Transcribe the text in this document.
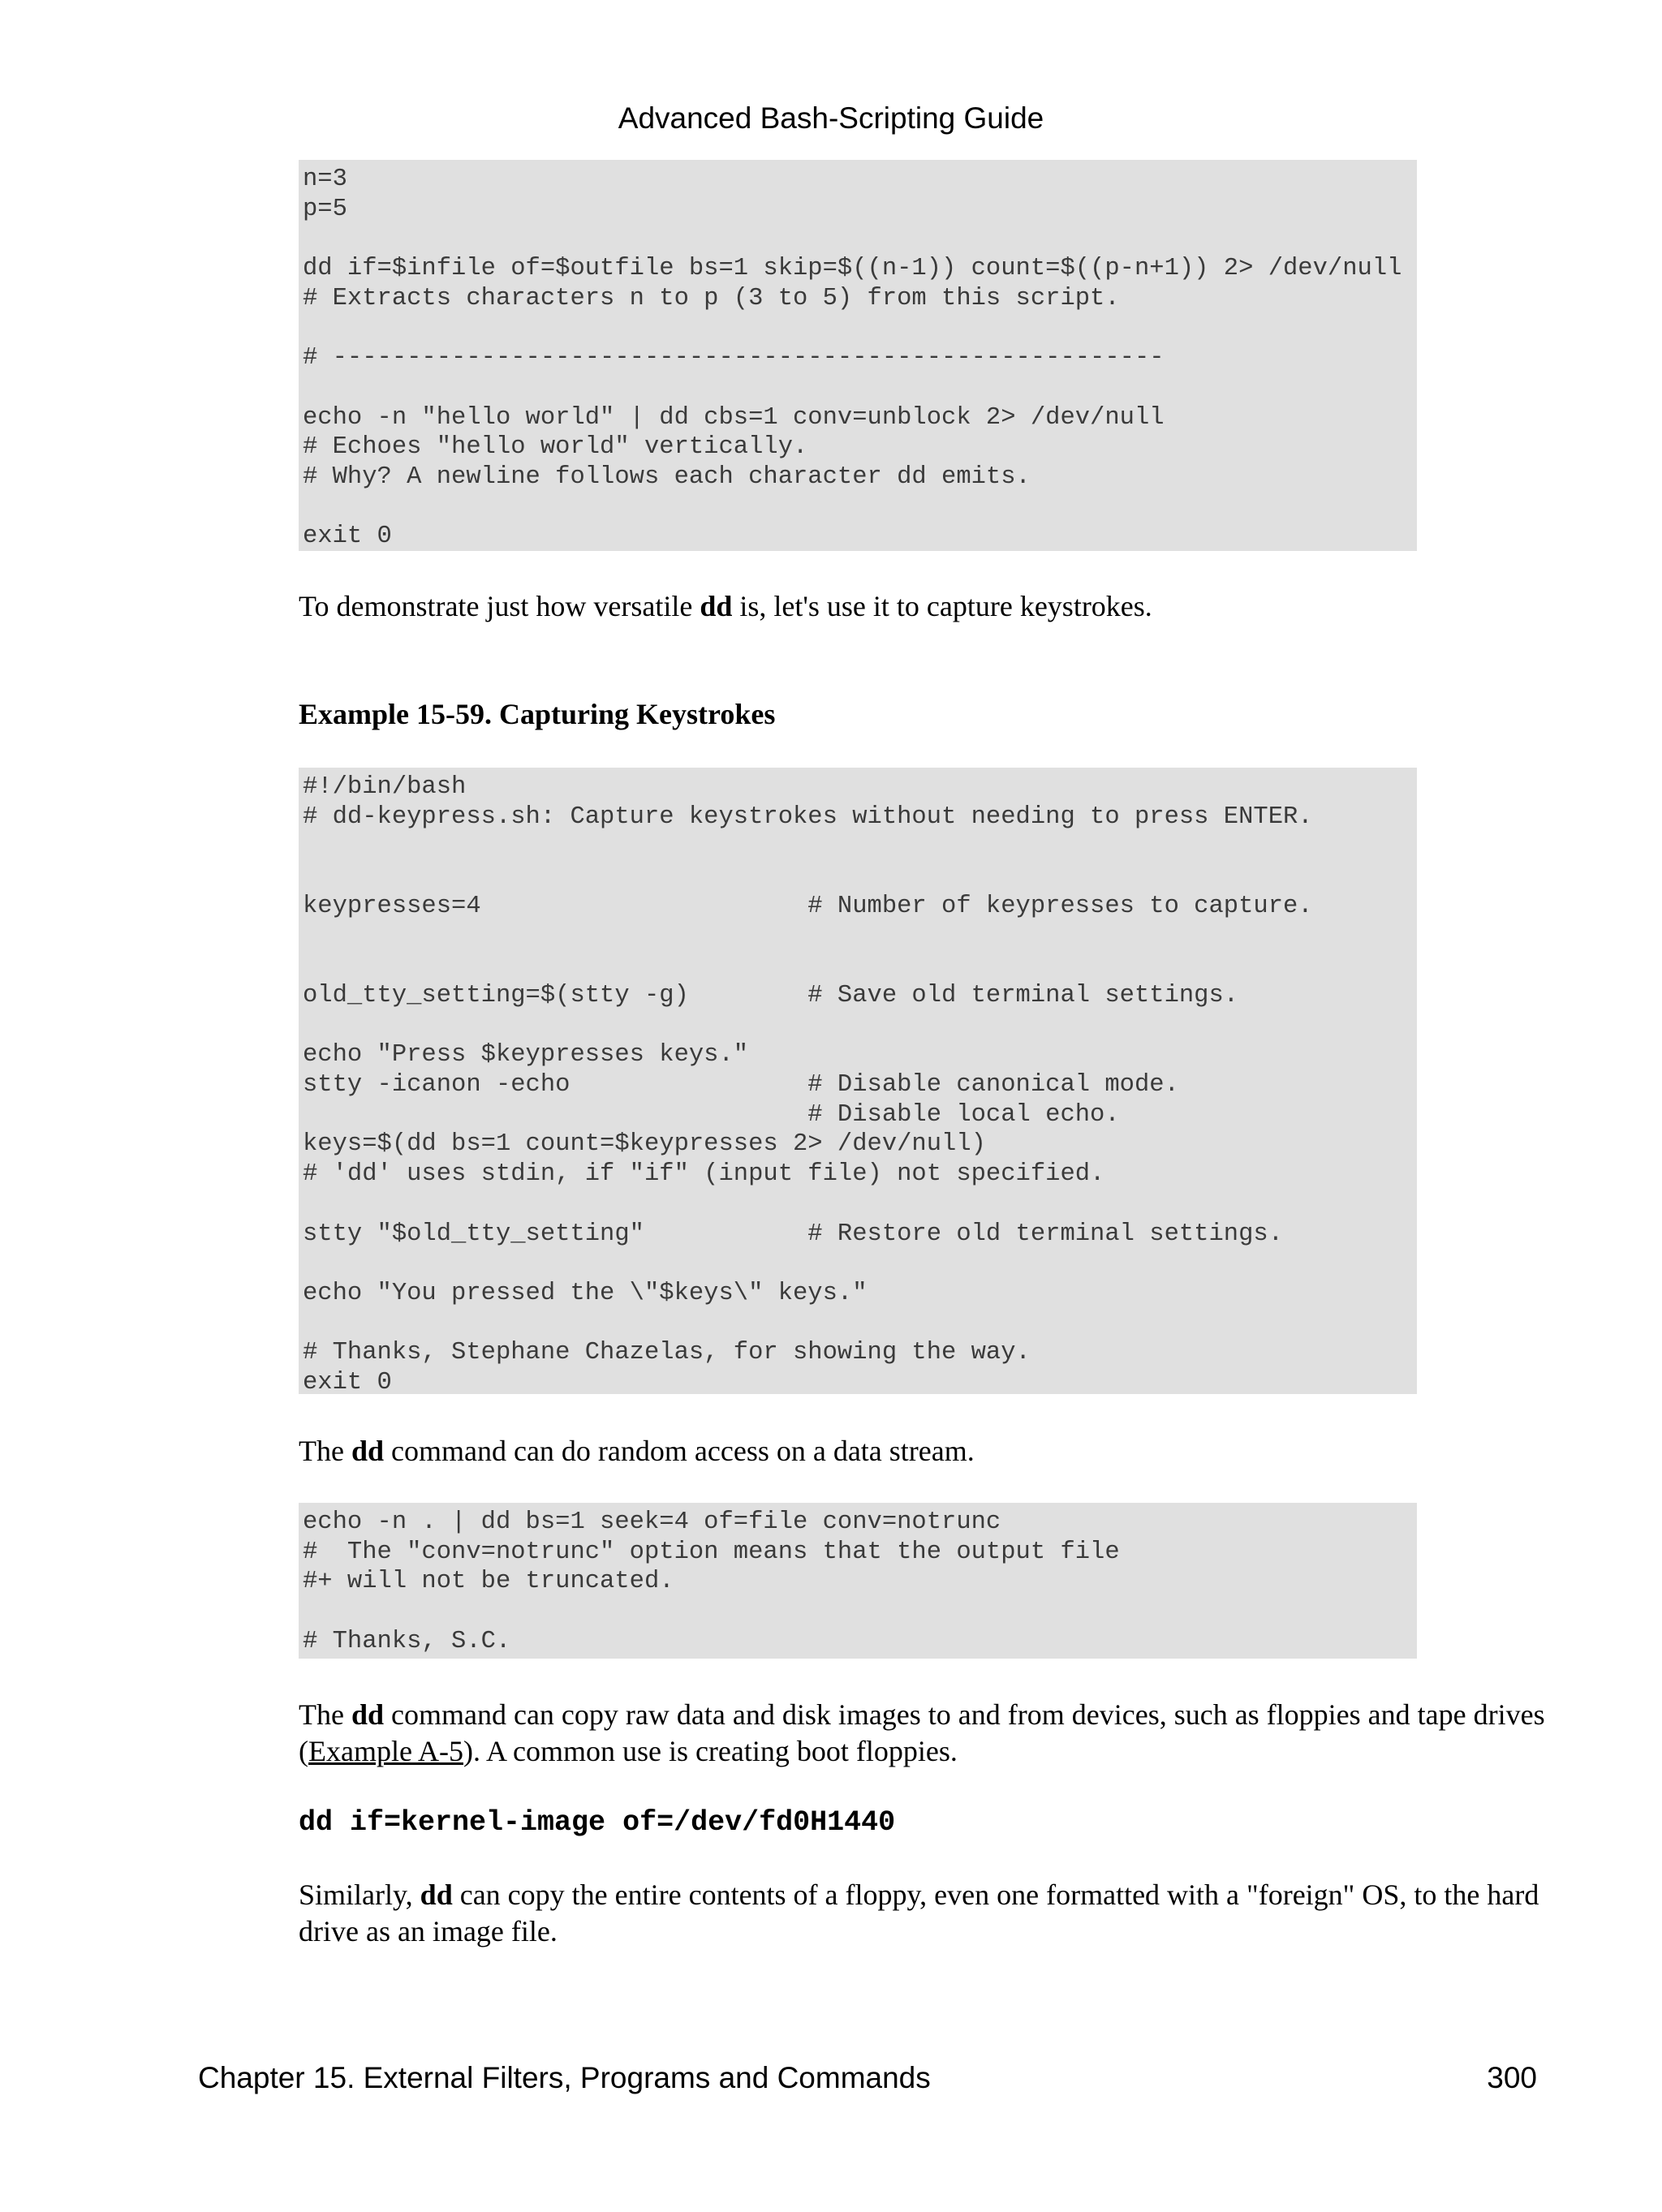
Advanced Bash-Scripting Guide
n=3
p=5

dd if=$infile of=$outfile bs=1 skip=$((n-1)) count=$((p-n+1)) 2> /dev/null
# Extracts characters n to p (3 to 5) from this script.

# --------------------------------------------------------

echo -n "hello world" | dd cbs=1 conv=unblock 2> /dev/null
# Echoes "hello world" vertically.
# Why? A newline follows each character dd emits.

exit 0

To demonstrate just how versatile dd is, let's use it to capture keystrokes.

Example 15-59. Capturing Keystrokes
#!/bin/bash
# dd-keypress.sh: Capture keystrokes without needing to press ENTER.

keypresses=4                      # Number of keypresses to capture.

old_tty_setting=$(stty -g)        # Save old terminal settings.

echo "Press $keypresses keys."
stty -icanon -echo                # Disable canonical mode.
# Disable local echo.
keys=$(dd bs=1 count=$keypresses 2> /dev/null)
# 'dd' uses stdin, if "if" (input file) not specified.

stty "$old_tty_setting"           # Restore old terminal settings.

echo "You pressed the \"$keys\" keys."

# Thanks, Stephane Chazelas, for showing the way.
exit 0

The dd command can do random access on a data stream.

echo -n . | dd bs=1 seek=4 of=file conv=notrunc
#  The "conv=notrunc" option means that the output file
#+ will not be truncated.

# Thanks, S.C.

The dd command can copy raw data and disk images to and from devices, such as floppies and tape drives (Example A-5). A common use is creating boot floppies.

dd if=kernel-image of=/dev/fd0H1440

Similarly, dd can copy the entire contents of a floppy, even one formatted with a "foreign" OS, to the hard drive as an image file.

Chapter 15. External Filters, Programs and Commands	300
